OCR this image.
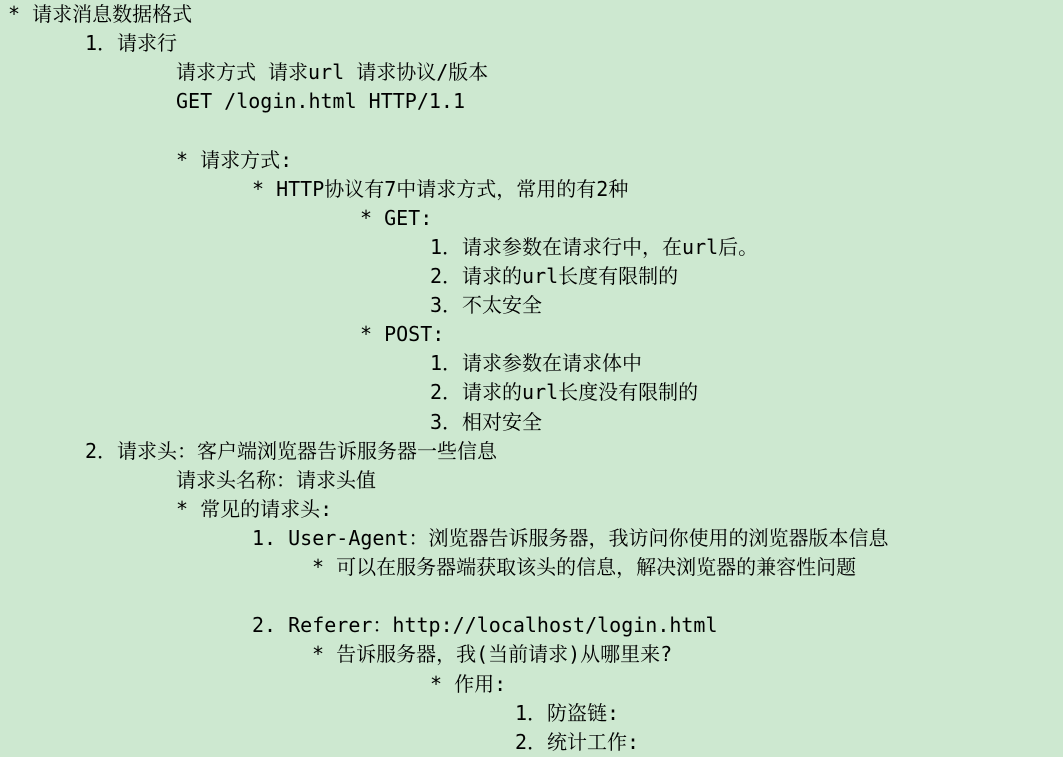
* 请求消息数据格式
1．请求行
请求方式 请求url 请求协议/版本
GET /login.html HTTP/1.1

* 请求方式:
* HTTP协议有7中请求方式，常用的有2种
* GET:
1．请求参数在请求行中，在url后。
2．请求的url长度有限制的
3．不太安全
* POST:
1．请求参数在请求体中
2．请求的url长度没有限制的
3．相对安全
2．请求头：客户端浏览器告诉服务器一些信息
请求头名称：请求头值
* 常见的请求头:
1. User-Agent：浏览器告诉服务器，我访问你使用的浏览器版本信息
* 可以在服务器端获取该头的信息，解决浏览器的兼容性问题

2. Referer：http://localhost/login.html
* 告诉服务器，我(当前请求)从哪里来?
* 作用:
1．防盗链:
2．统计工作:
